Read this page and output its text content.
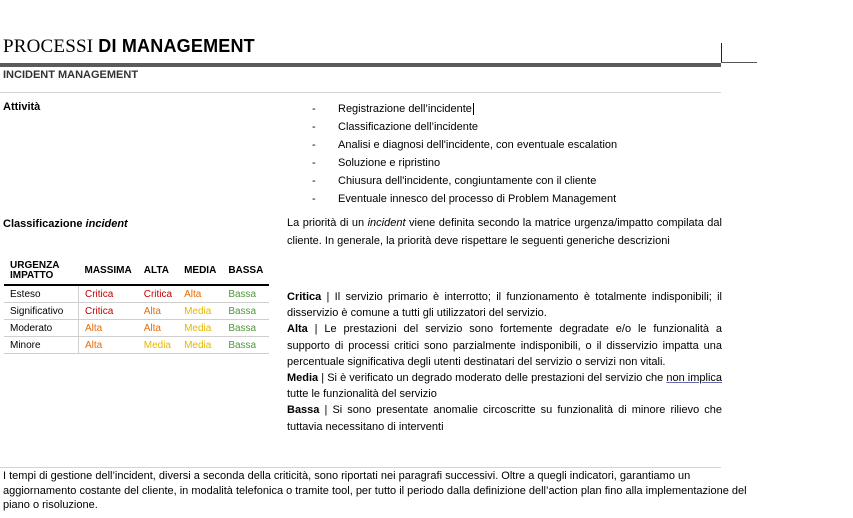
PROCESSI DI MANAGEMENT
INCIDENT MANAGEMENT
Attività	- Registrazione dell’incidente
- Classificazione dell’incidente
- Analisi e diagnosi dell'incidente, con eventuale escalation
- Soluzione e ripristino
- Chiusura dell'incidente, congiuntamente con il cliente
- Eventuale innesco del processo di Problem Management
Classificazione incident	La priorità di un incident viene definita secondo la matrice urgenza/impatto compilata dal cliente. In generale, la priorità deve rispettare le seguenti generiche descrizioni

Critica | Il servizio primario è interrotto; il funzionamento è totalmente indisponibili; il disservizio è comune a tutti gli utilizzatori del servizio.

Alta | Le prestazioni del servizio sono fortemente degradate e/o le funzionalità a supporto di processi critici sono parzialmente indisponibili, o il disservizio impatta una percentuale significativa degli utenti destinatari del servizio o servizi non vitali.

Media | Si è verificato un degrado moderato delle prestazioni del servizio che non implica tutte le funzionalità del servizio

Bassa | Si sono presentate anomalie circoscritte su funzionalità di minore rilievo che tuttavia necessitano di interventi

URGENZA
IMPATTO	MASSIMA	ALTA	MEDIA	BASSA
Esteso	Critica	Critica	Alta	Bassa
Significativo	Critica	Alta	Media	Bassa
Moderato	Alta	Alta	Media	Bassa
Minore	Alta	Media	Media	Bassa
I tempi di gestione dell’incident, diversi a seconda della criticità, sono riportati nei paragrafi successivi. Oltre a quegli indicatori, garantiamo un aggiornamento costante del cliente, in modalità telefonica o tramite tool, per tutto il periodo dalla definizione dell’action plan fino alla implementazione del piano o risoluzione.
